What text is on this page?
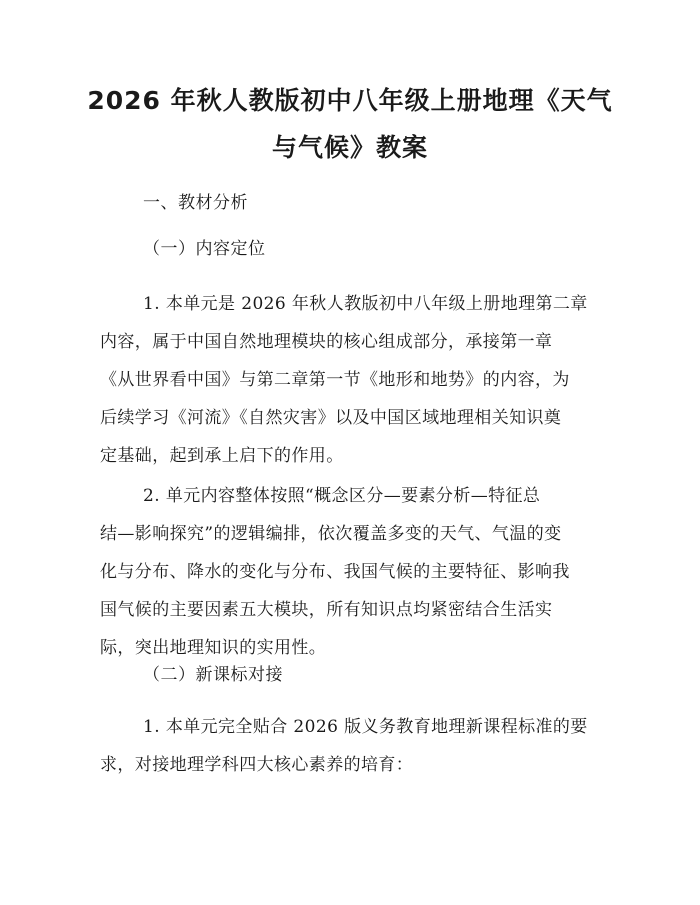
2026 年秋人教版初中八年级上册地理《天气
与气候》教案
一、教材分析
（一）内容定位
1. 本单元是 2026 年秋人教版初中八年级上册地理第二章
内容，属于中国自然地理模块的核心组成部分，承接第一章
《从世界看中国》与第二章第一节《地形和地势》的内容，为
后续学习《河流》《自然灾害》以及中国区域地理相关知识奠
定基础，起到承上启下的作用。
2. 单元内容整体按照“概念区分—要素分析—特征总
结—影响探究”的逻辑编排，依次覆盖多变的天气、气温的变
化与分布、降水的变化与分布、我国气候的主要特征、影响我
国气候的主要因素五大模块，所有知识点均紧密结合生活实
际，突出地理知识的实用性。
（二）新课标对接
1. 本单元完全贴合 2026 版义务教育地理新课程标准的要
求，对接地理学科四大核心素养的培育：
